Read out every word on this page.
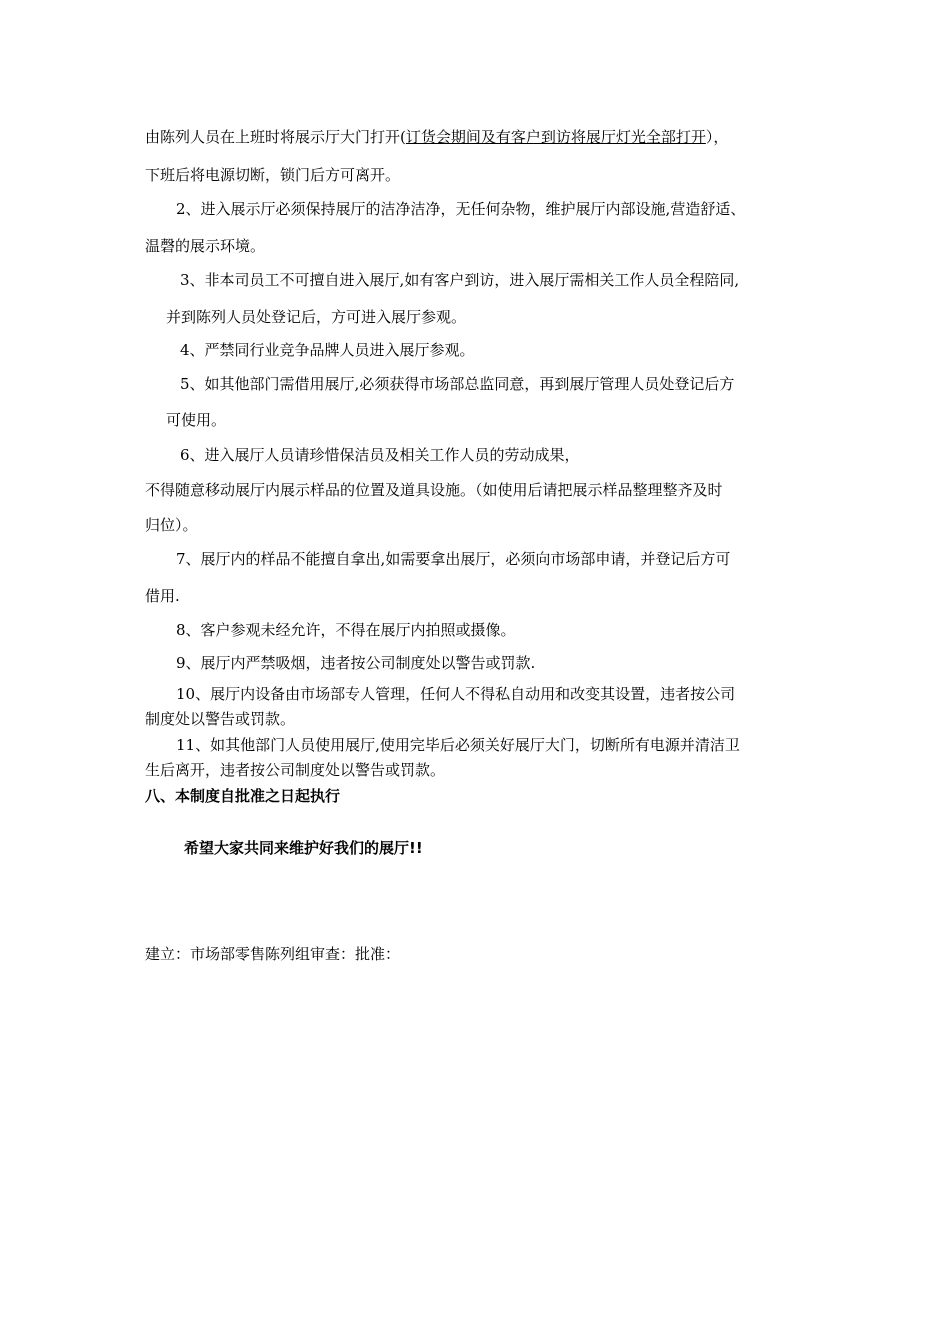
由陈列人员在上班时将展示厅大门打开(订货会期间及有客户到访将展厅灯光全部打开），

下班后将电源切断，锁门后方可离开。

2、进入展示厅必须保持展厅的洁净洁净，无任何杂物，维护展厅内部设施,营造舒适、

温磬的展示环境。

3、非本司员工不可擅自进入展厅,如有客户到访，进入展厅需相关工作人员全程陪同,

并到陈列人员处登记后，方可进入展厅参观。

4、严禁同行业竞争品牌人员进入展厅参观。

5、如其他部门需借用展厅,必须获得市场部总监同意，再到展厅管理人员处登记后方

可使用。

6、进入展厅人员请珍惜保洁员及相关工作人员的劳动成果，

不得随意移动展厅内展示样品的位置及道具设施。（如使用后请把展示样品整理整齐及时

归位）。

7、展厅内的样品不能擅自拿出,如需要拿出展厅，必须向市场部申请，并登记后方可

借用.

8、客户参观未经允许，不得在展厅内拍照或摄像。

9、展厅内严禁吸烟，违者按公司制度处以警告或罚款.

10、展厅内设备由市场部专人管理，任何人不得私自动用和改变其设置，违者按公司

制度处以警告或罚款。

11、如其他部门人员使用展厅,使用完毕后必须关好展厅大门，切断所有电源并清洁卫

生后离开，违者按公司制度处以警告或罚款。

八、本制度自批准之日起执行

希望大家共同来维护好我们的展厅!!

建立：市场部零售陈列组审查：批准：
